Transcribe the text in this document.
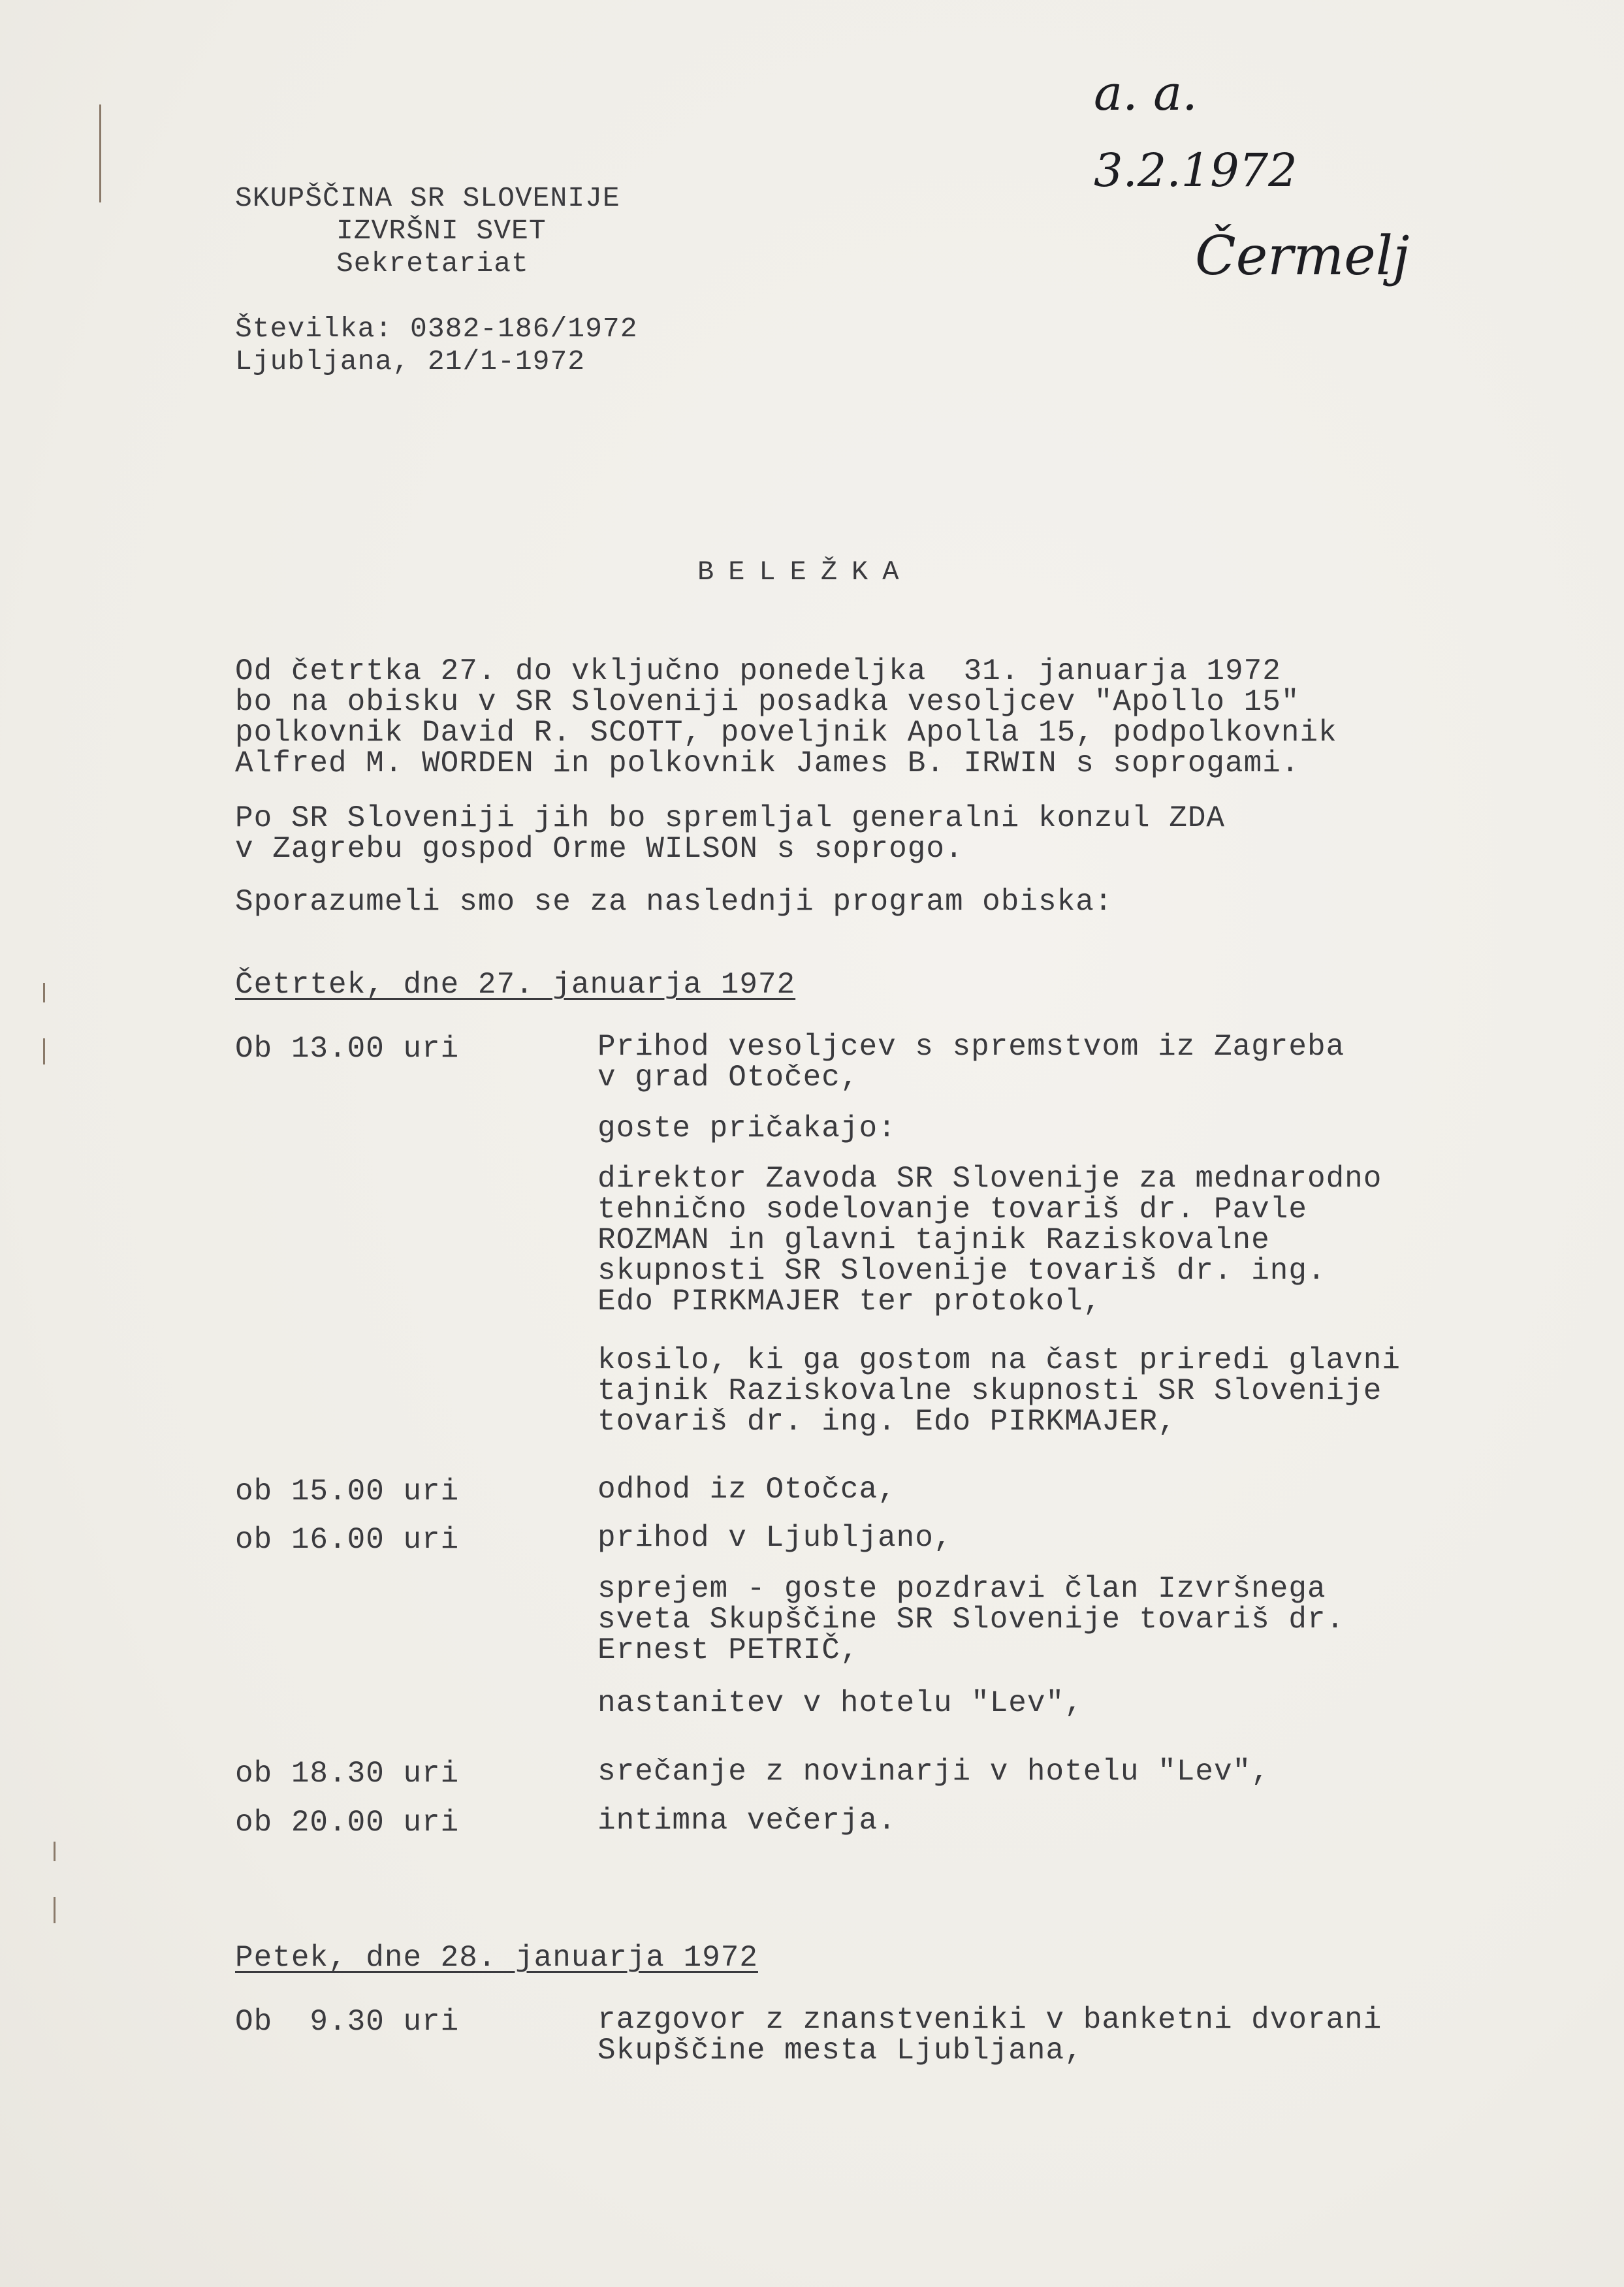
a. a.
3.2.1972
Čermelj
SKUPŠČINA SR SLOVENIJE
IZVRŠNI SVET
Sekretariat
Številka: 0382-186/1972
Ljubljana, 21/1-1972
BELEŽKA
Od četrtka 27. do vključno ponedeljka  31. januarja 1972
bo na obisku v SR Sloveniji posadka vesoljcev "Apollo 15"
polkovnik David R. SCOTT, poveljnik Apolla 15, podpolkovnik
Alfred M. WORDEN in polkovnik James B. IRWIN s soprogami.
Po SR Sloveniji jih bo spremljal generalni konzul ZDA
v Zagrebu gospod Orme WILSON s soprogo.
Sporazumeli smo se za naslednji program obiska:
Četrtek, dne 27. januarja 1972
Ob 13.00 uri	Prihod vesoljcev s spremstvom iz Zagreba
v grad Otočec,
goste pričakajo:
direktor Zavoda SR Slovenije za mednarodno
tehnično sodelovanje tovariš dr. Pavle
ROZMAN in glavni tajnik Raziskovalne
skupnosti SR Slovenije tovariš dr. ing.
Edo PIRKMAJER ter protokol,
kosilo, ki ga gostom na čast priredi glavni
tajnik Raziskovalne skupnosti SR Slovenije
tovariš dr. ing. Edo PIRKMAJER,
ob 15.00 uri	odhod iz Otočca,
ob 16.00 uri	prihod v Ljubljano,
sprejem - goste pozdravi član Izvršnega
sveta Skupščine SR Slovenije tovariš dr.
Ernest PETRIČ,
nastanitev v hotelu "Lev",
ob 18.30 uri	srečanje z novinarji v hotelu "Lev",
ob 20.00 uri	intimna večerja.
Petek, dne 28. januarja 1972
Ob  9.30 uri	razgovor z znanstveniki v banketni dvorani
Skupščine mesta Ljubljana,
